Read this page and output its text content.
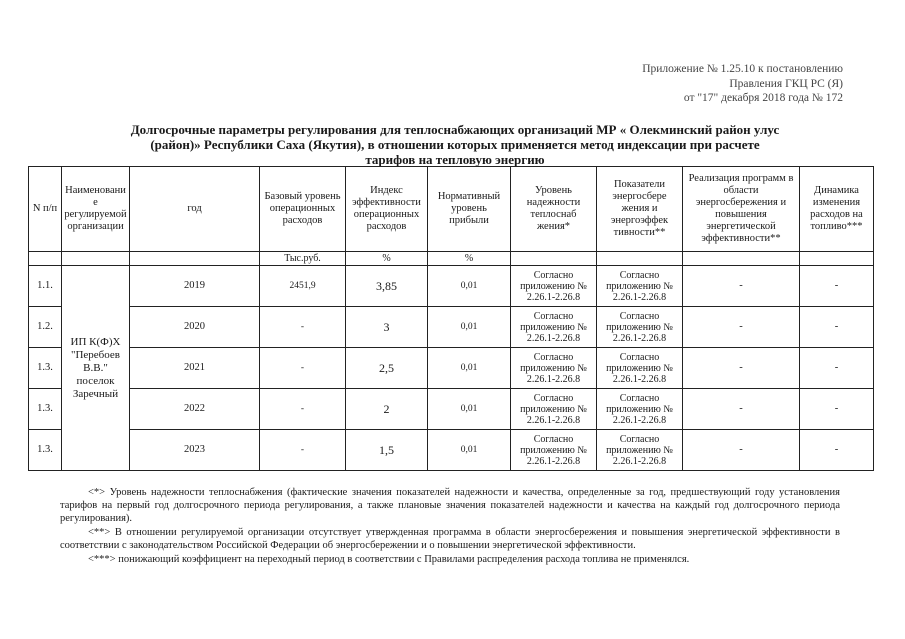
Приложение № 1.25.10 к постановлению
Правления ГКЦ РС (Я)
от "17" декабря 2018 года № 172
Долгосрочные параметры регулирования для теплоснабжающих организаций МР « Олекминский район улус
(район)» Республики Саха (Якутия), в отношении которых применяется метод индексации при расчете
тарифов на тепловую энергию
N п/п	Наименовани е регулируемой организации	год	Базовый уровень операционных расходов	Индекс эффективности операционных расходов	Нормативный уровень прибыли	Уровень надежности теплоснаб жения*	Показатели энергосбере жения и энергоэффек тивности**	Реализация программ в области энергосбережения и повышения энергетической эффективности**	Динамика изменения расходов на топливо***
			Тыс.руб.	%	%				
1.1.	ИП К(Ф)Х "Перебоев В.В." поселок Заречный	2019	2451,9	3,85	0,01	Согласно приложению № 2.26.1-2.26.8	Согласно приложению № 2.26.1-2.26.8	-	-
1.2.		2020	-	3	0,01	Согласно приложению № 2.26.1-2.26.8	Согласно приложению № 2.26.1-2.26.8	-	-
1.3.		2021	-	2,5	0,01	Согласно приложению № 2.26.1-2.26.8	Согласно приложению № 2.26.1-2.26.8	-	-
1.3.		2022	-	2	0,01	Согласно приложению № 2.26.1-2.26.8	Согласно приложению № 2.26.1-2.26.8	-	-
1.3.		2023	-	1,5	0,01	Согласно приложению № 2.26.1-2.26.8	Согласно приложению № 2.26.1-2.26.8	-	-

<*> Уровень надежности теплоснабжения (фактические значения показателей надежности и качества, определенные за год, предшествующий году установления тарифов на первый год долгосрочного периода регулирования, а также плановые значения показателей надежности и качества на каждый год долгосрочного периода регулирования).

<**> В отношении регулируемой организации отсутствует утвержденная программа в области энергосбережения и повышения энергетической эффективности в соответствии с законодательством Российской Федерации об энергосбережении и о повышении энергетической эффективности.

<***> понижающий коэффициент на переходный период в соответствии с Правилами распределения расхода топлива не применялся.
